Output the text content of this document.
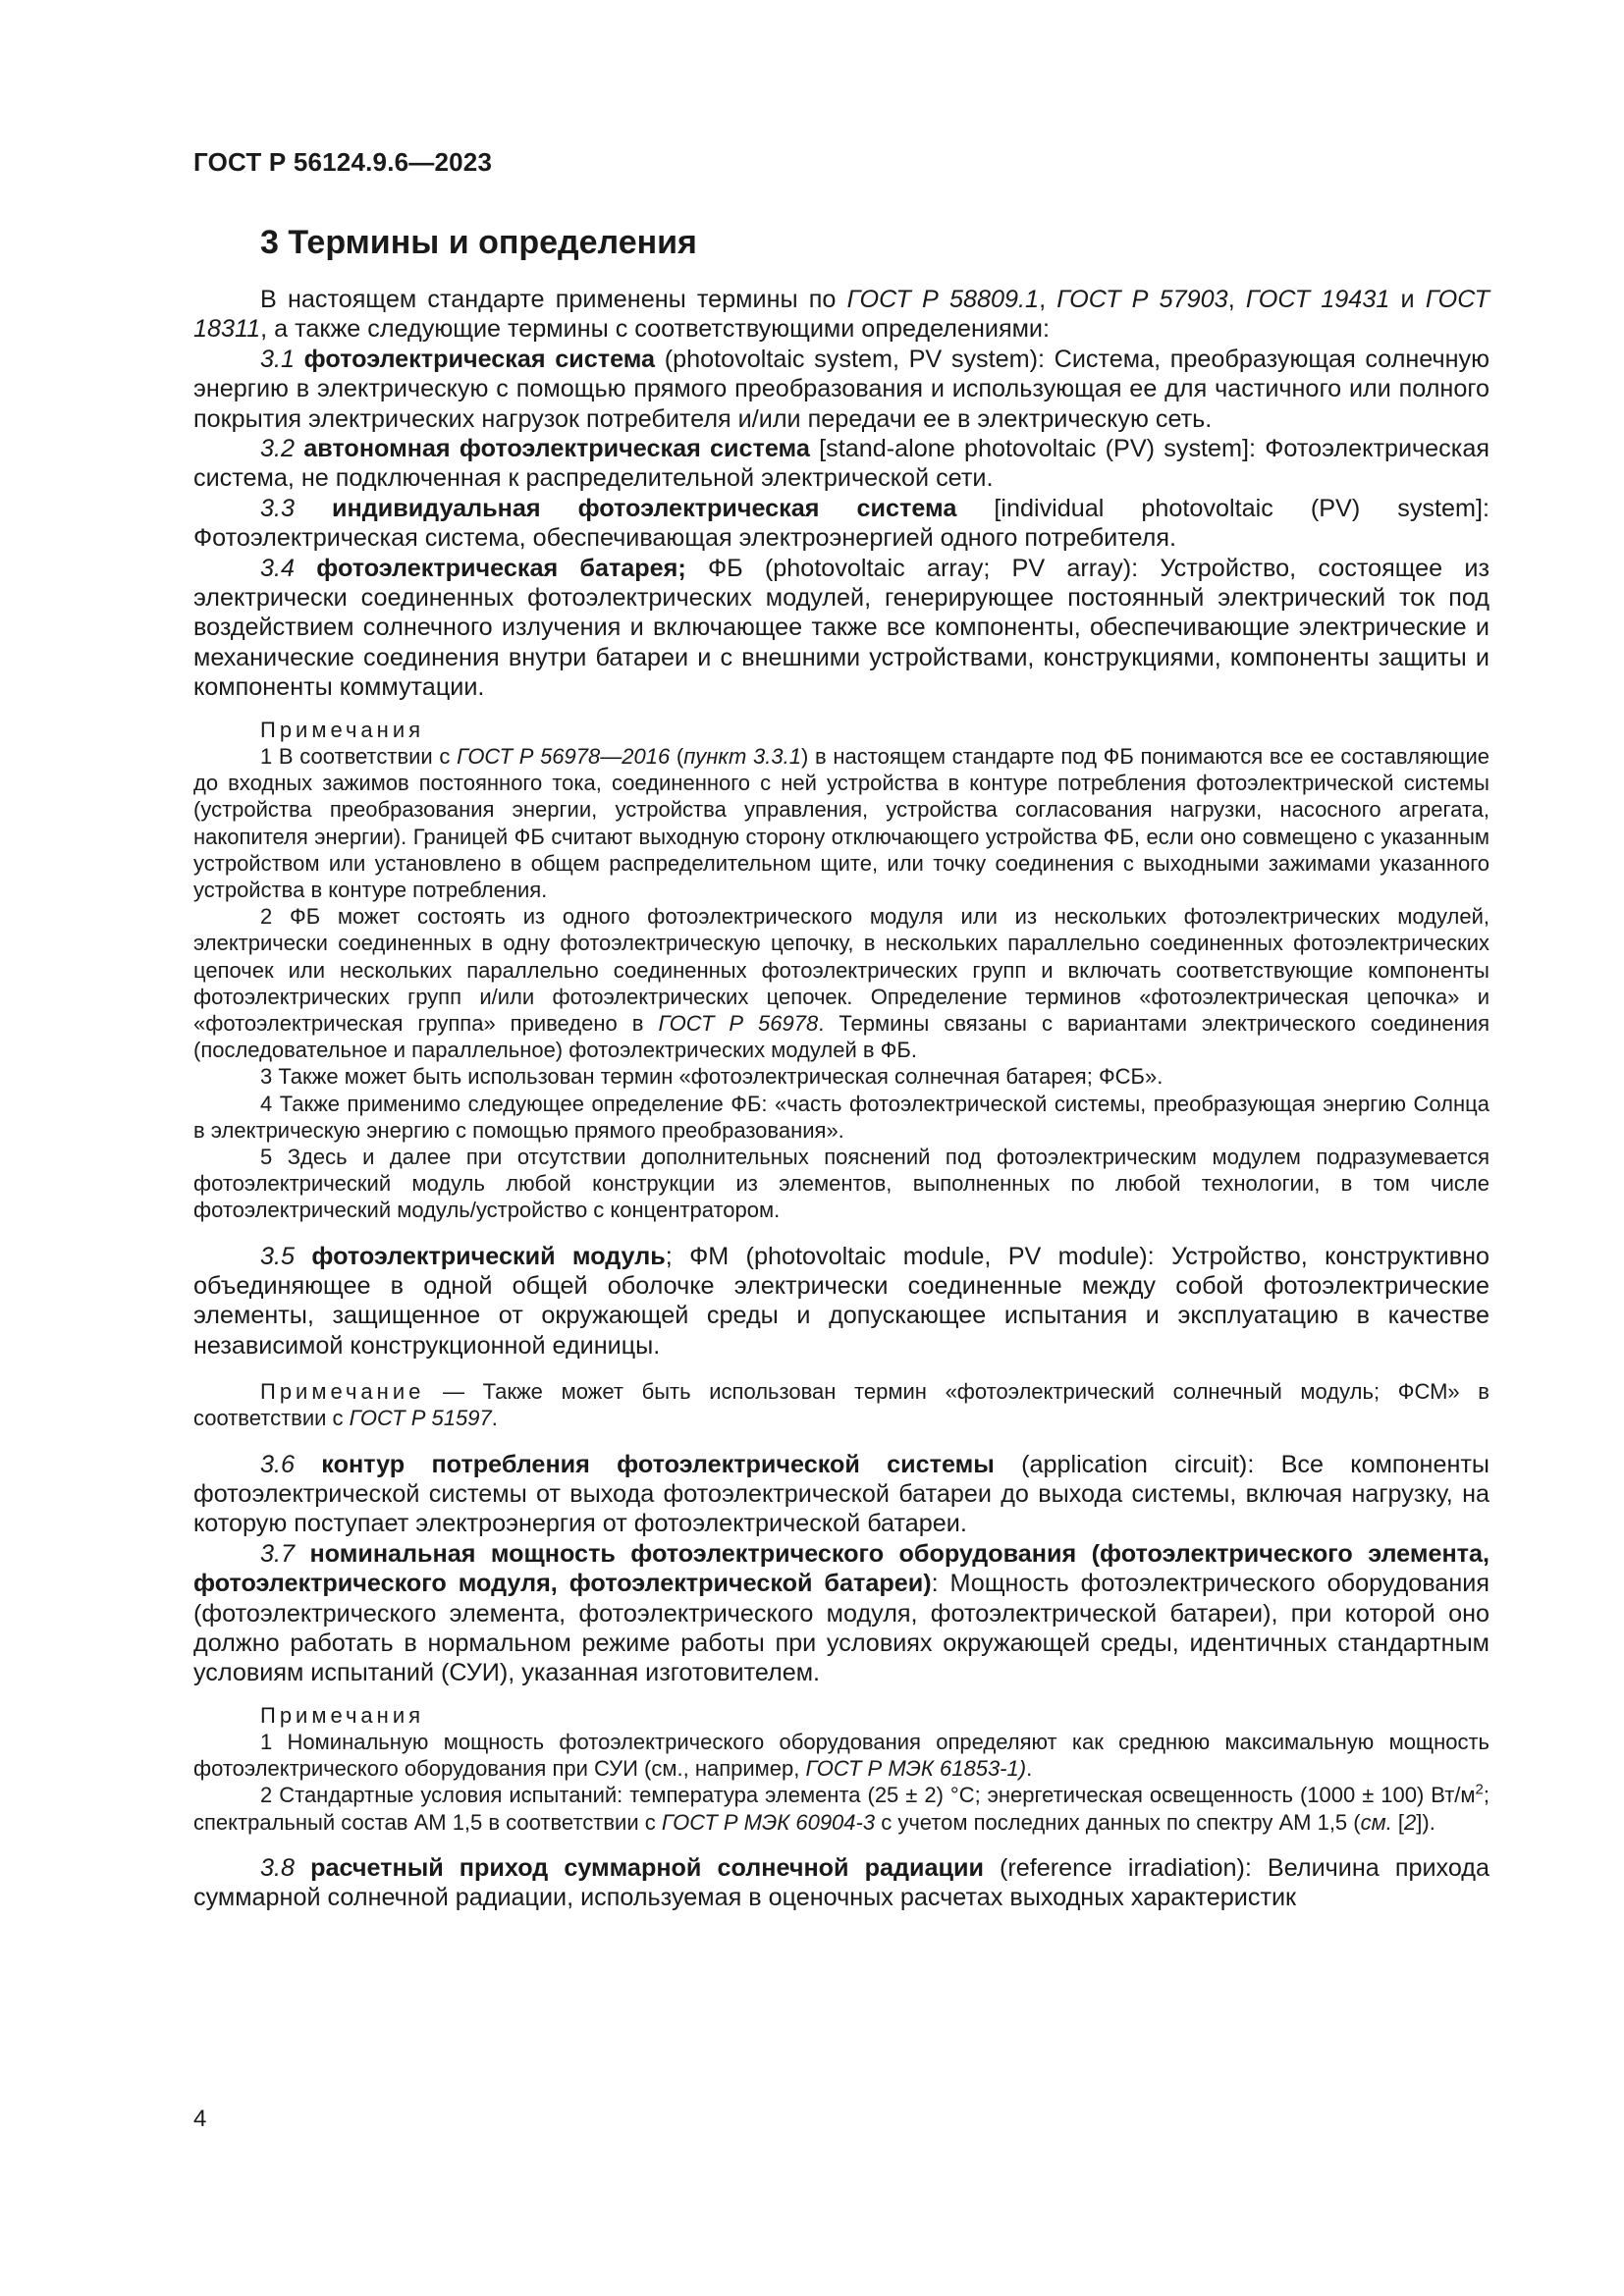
ГОСТ Р 56124.9.6—2023
3 Термины и определения

В настоящем стандарте применены термины по ГОСТ Р 58809.1, ГОСТ Р 57903, ГОСТ 19431 и ГОСТ 18311, а также следующие термины с соответствующими определениями:

3.1 фотоэлектрическая система (photovoltaic system, PV system): Система, преобразующая солнечную энергию в электрическую с помощью прямого преобразования и использующая ее для частичного или полного покрытия электрических нагрузок потребителя и/или передачи ее в электрическую сеть.

3.2 автономная фотоэлектрическая система [stand-alone photovoltaic (PV) system]: Фотоэлектрическая система, не подключенная к распределительной электрической сети.

3.3 индивидуальная фотоэлектрическая система [individual photovoltaic (PV) system]: Фотоэлектрическая система, обеспечивающая электроэнергией одного потребителя.

3.4 фотоэлектрическая батарея; ФБ (photovoltaic array; PV array): Устройство, состоящее из электрически соединенных фотоэлектрических модулей, генерирующее постоянный электрический ток под воздействием солнечного излучения и включающее также все компоненты, обеспечивающие электрические и механические соединения внутри батареи и с внешними устройствами, конструкциями, компоненты защиты и компоненты коммутации.

Примечания

1 В соответствии с ГОСТ Р 56978—2016 (пункт 3.3.1) в настоящем стандарте под ФБ понимаются все ее составляющие до входных зажимов постоянного тока, соединенного с ней устройства в контуре потребления фотоэлектрической системы (устройства преобразования энергии, устройства управления, устройства согласования нагрузки, насосного агрегата, накопителя энергии). Границей ФБ считают выходную сторону отключающего устройства ФБ, если оно совмещено с указанным устройством или установлено в общем распределительном щите, или точку соединения с выходными зажимами указанного устройства в контуре потребления.

2 ФБ может состоять из одного фотоэлектрического модуля или из нескольких фотоэлектрических модулей, электрически соединенных в одну фотоэлектрическую цепочку, в нескольких параллельно соединенных фотоэлектрических цепочек или нескольких параллельно соединенных фотоэлектрических групп и включать соответствующие компоненты фотоэлектрических групп и/или фотоэлектрических цепочек. Определение терминов «фотоэлектрическая цепочка» и «фотоэлектрическая группа» приведено в ГОСТ Р 56978. Термины связаны с вариантами электрического соединения (последовательное и параллельное) фотоэлектрических модулей в ФБ.

3 Также может быть использован термин «фотоэлектрическая солнечная батарея; ФСБ».

4 Также применимо следующее определение ФБ: «часть фотоэлектрической системы, преобразующая энергию Солнца в электрическую энергию с помощью прямого преобразования».

5 Здесь и далее при отсутствии дополнительных пояснений под фотоэлектрическим модулем подразумевается фотоэлектрический модуль любой конструкции из элементов, выполненных по любой технологии, в том числе фотоэлектрический модуль/устройство с концентратором.

3.5 фотоэлектрический модуль; ФМ (photovoltaic module, PV module): Устройство, конструктивно объединяющее в одной общей оболочке электрически соединенные между собой фотоэлектрические элементы, защищенное от окружающей среды и допускающее испытания и эксплуатацию в качестве независимой конструкционной единицы.

Примечание — Также может быть использован термин «фотоэлектрический солнечный модуль; ФСМ» в соответствии с ГОСТ Р 51597.

3.6 контур потребления фотоэлектрической системы (application circuit): Все компоненты фотоэлектрической системы от выхода фотоэлектрической батареи до выхода системы, включая нагрузку, на которую поступает электроэнергия от фотоэлектрической батареи.

3.7 номинальная мощность фотоэлектрического оборудования (фотоэлектрического элемента, фотоэлектрического модуля, фотоэлектрической батареи): Мощность фотоэлектрического оборудования (фотоэлектрического элемента, фотоэлектрического модуля, фотоэлектрической батареи), при которой оно должно работать в нормальном режиме работы при условиях окружающей среды, идентичных стандартным условиям испытаний (СУИ), указанная изготовителем.

Примечания

1 Номинальную мощность фотоэлектрического оборудования определяют как среднюю максимальную мощность фотоэлектрического оборудования при СУИ (см., например, ГОСТ Р МЭК 61853-1).

2 Стандартные условия испытаний: температура элемента (25 ± 2) °С; энергетическая освещенность (1000 ± 100) $Вт/м^2$; спектральный состав АМ 1,5 в соответствии с ГОСТ Р МЭК 60904-3 с учетом последних данных по спектру АМ 1,5 (см. [2]).

3.8 расчетный приход суммарной солнечной радиации (reference irradiation): Величина прихода суммарной солнечной радиации, используемая в оценочных расчетах выходных характеристик

4
